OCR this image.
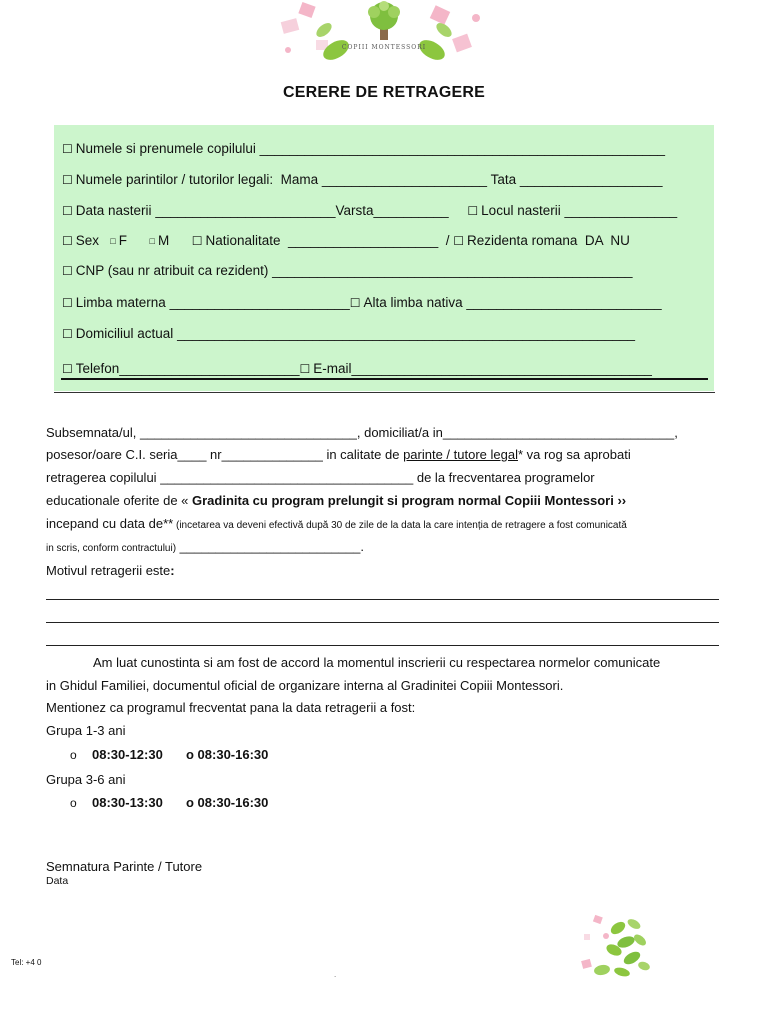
COPIII MONTESSORI
CERERE DE RETRAGERE
☐ Numele si prenumele copilului ______________________________________________________
☐ Numele parintilor / tutorilor legali:  Mama ______________________ Tata ___________________
☐ Data nasterii ________________________Varsta__________ ☐ Locul nasterii _______________
☐ Sex □ F	□ M ☐ Nationalitate ____________________ / ☐ Rezidenta romana  DA  NU
☐ CNP (sau nr atribuit ca rezident) ________________________________________________
☐ Limba materna ________________________☐ Alta limba nativa __________________________
☐ Domiciliul actual _____________________________________________________________
☐ Telefon________________________☐ E-mail________________________________________
Subsemnata/ul, ______________________________, domiciliat/a in________________________________,
posesor/oare C.I. seria____ nr______________ in calitate de parinte / tutore legal* va rog sa aprobati
retragerea copilului ___________________________________ de la frecventarea programelor
educationale oferite de « Gradinita cu program prelungit si program normal Copiii Montessori ››
incepand cu data de** (incetarea va deveni efectivă după 30 de zile de la data la care intenția de retragere a fost comunicată
in scris, conform contractului) _________________________.
Motivul retragerii este:
Am luat cunostinta si am fost de accord la momentul inscrierii cu respectarea normelor comunicate
in Ghidul Familiei, documentul oficial de organizare interna al Gradinitei Copiii Montessori.
Mentionez ca programul frecventat pana la data retragerii a fost:
Grupa 1-3 ani
o 08:30-12:30 o 08:30-16:30
Grupa 3-6 ani
o 08:30-13:30 o 08:30-16:30
Semnatura Parinte / Tutore
Data
Tel: +4 0
.
